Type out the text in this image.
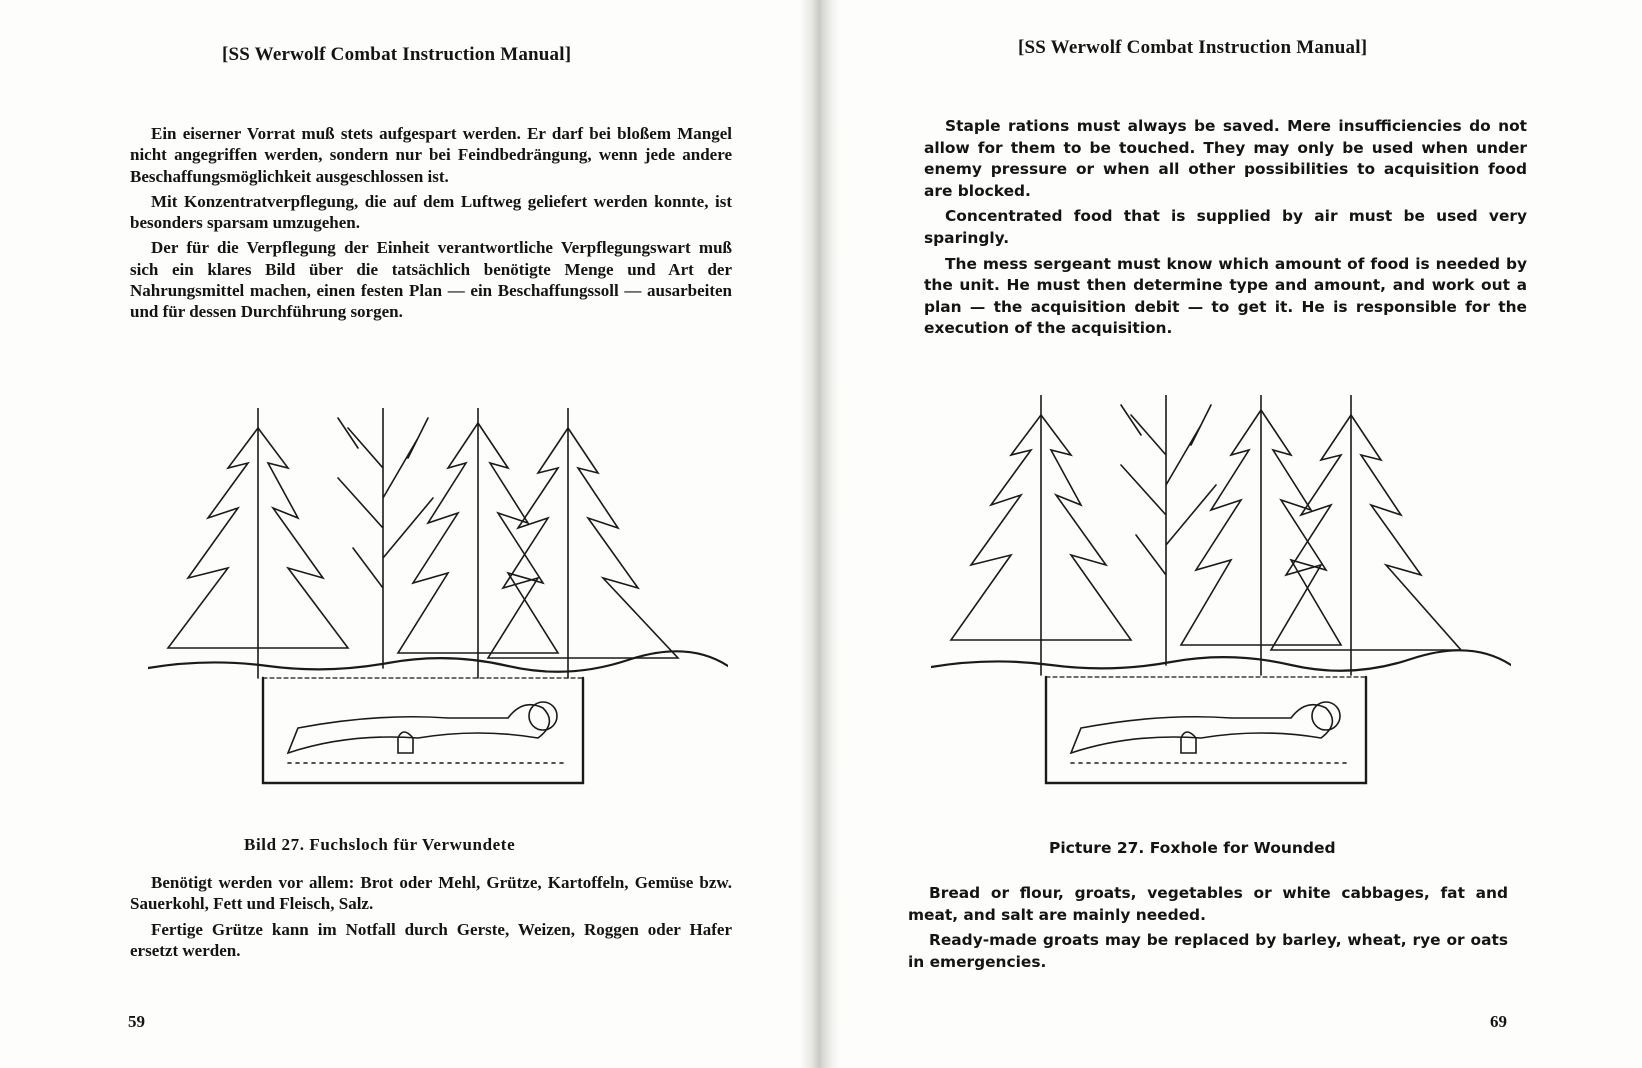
[SS Werwolf Combat Instruction Manual]

Ein eiserner Vorrat muß stets aufgespart werden. Er darf bei bloßem Mangel nicht angegriffen werden, sondern nur bei Feindbedrängung, wenn jede andere Beschaffungsmöglichkeit ausgeschlossen ist.

Mit Konzentratverpflegung, die auf dem Luftweg geliefert werden konnte, ist besonders sparsam umzugehen.

Der für die Verpflegung der Einheit verantwortliche Verpflegungswart muß sich ein klares Bild über die tatsächlich benötigte Menge und Art der Nahrungsmittel machen, einen festen Plan — ein Beschaffungssoll — ausarbeiten und für dessen Durchführung sorgen.

Bild 27. Fuchsloch für Verwundete

Benötigt werden vor allem: Brot oder Mehl, Grütze, Kartoffeln, Gemüse bzw. Sauerkohl, Fett und Fleisch, Salz.

Fertige Grütze kann im Notfall durch Gerste, Weizen, Roggen oder Hafer ersetzt werden.

59
[SS Werwolf Combat Instruction Manual]

Staple rations must always be saved. Mere insufficiencies do not allow for them to be touched. They may only be used when under enemy pressure or when all other possibilities to acquisition food are blocked.

Concentrated food that is supplied by air must be used very sparingly.

The mess sergeant must know which amount of food is needed by the unit. He must then determine type and amount, and work out a plan — the acquisition debit — to get it. He is responsible for the execution of the acquisition.

Picture 27. Foxhole for Wounded

Bread or flour, groats, vegetables or white cabbages, fat and meat, and salt are mainly needed.

Ready-made groats may be replaced by barley, wheat, rye or oats in emergencies.

69
